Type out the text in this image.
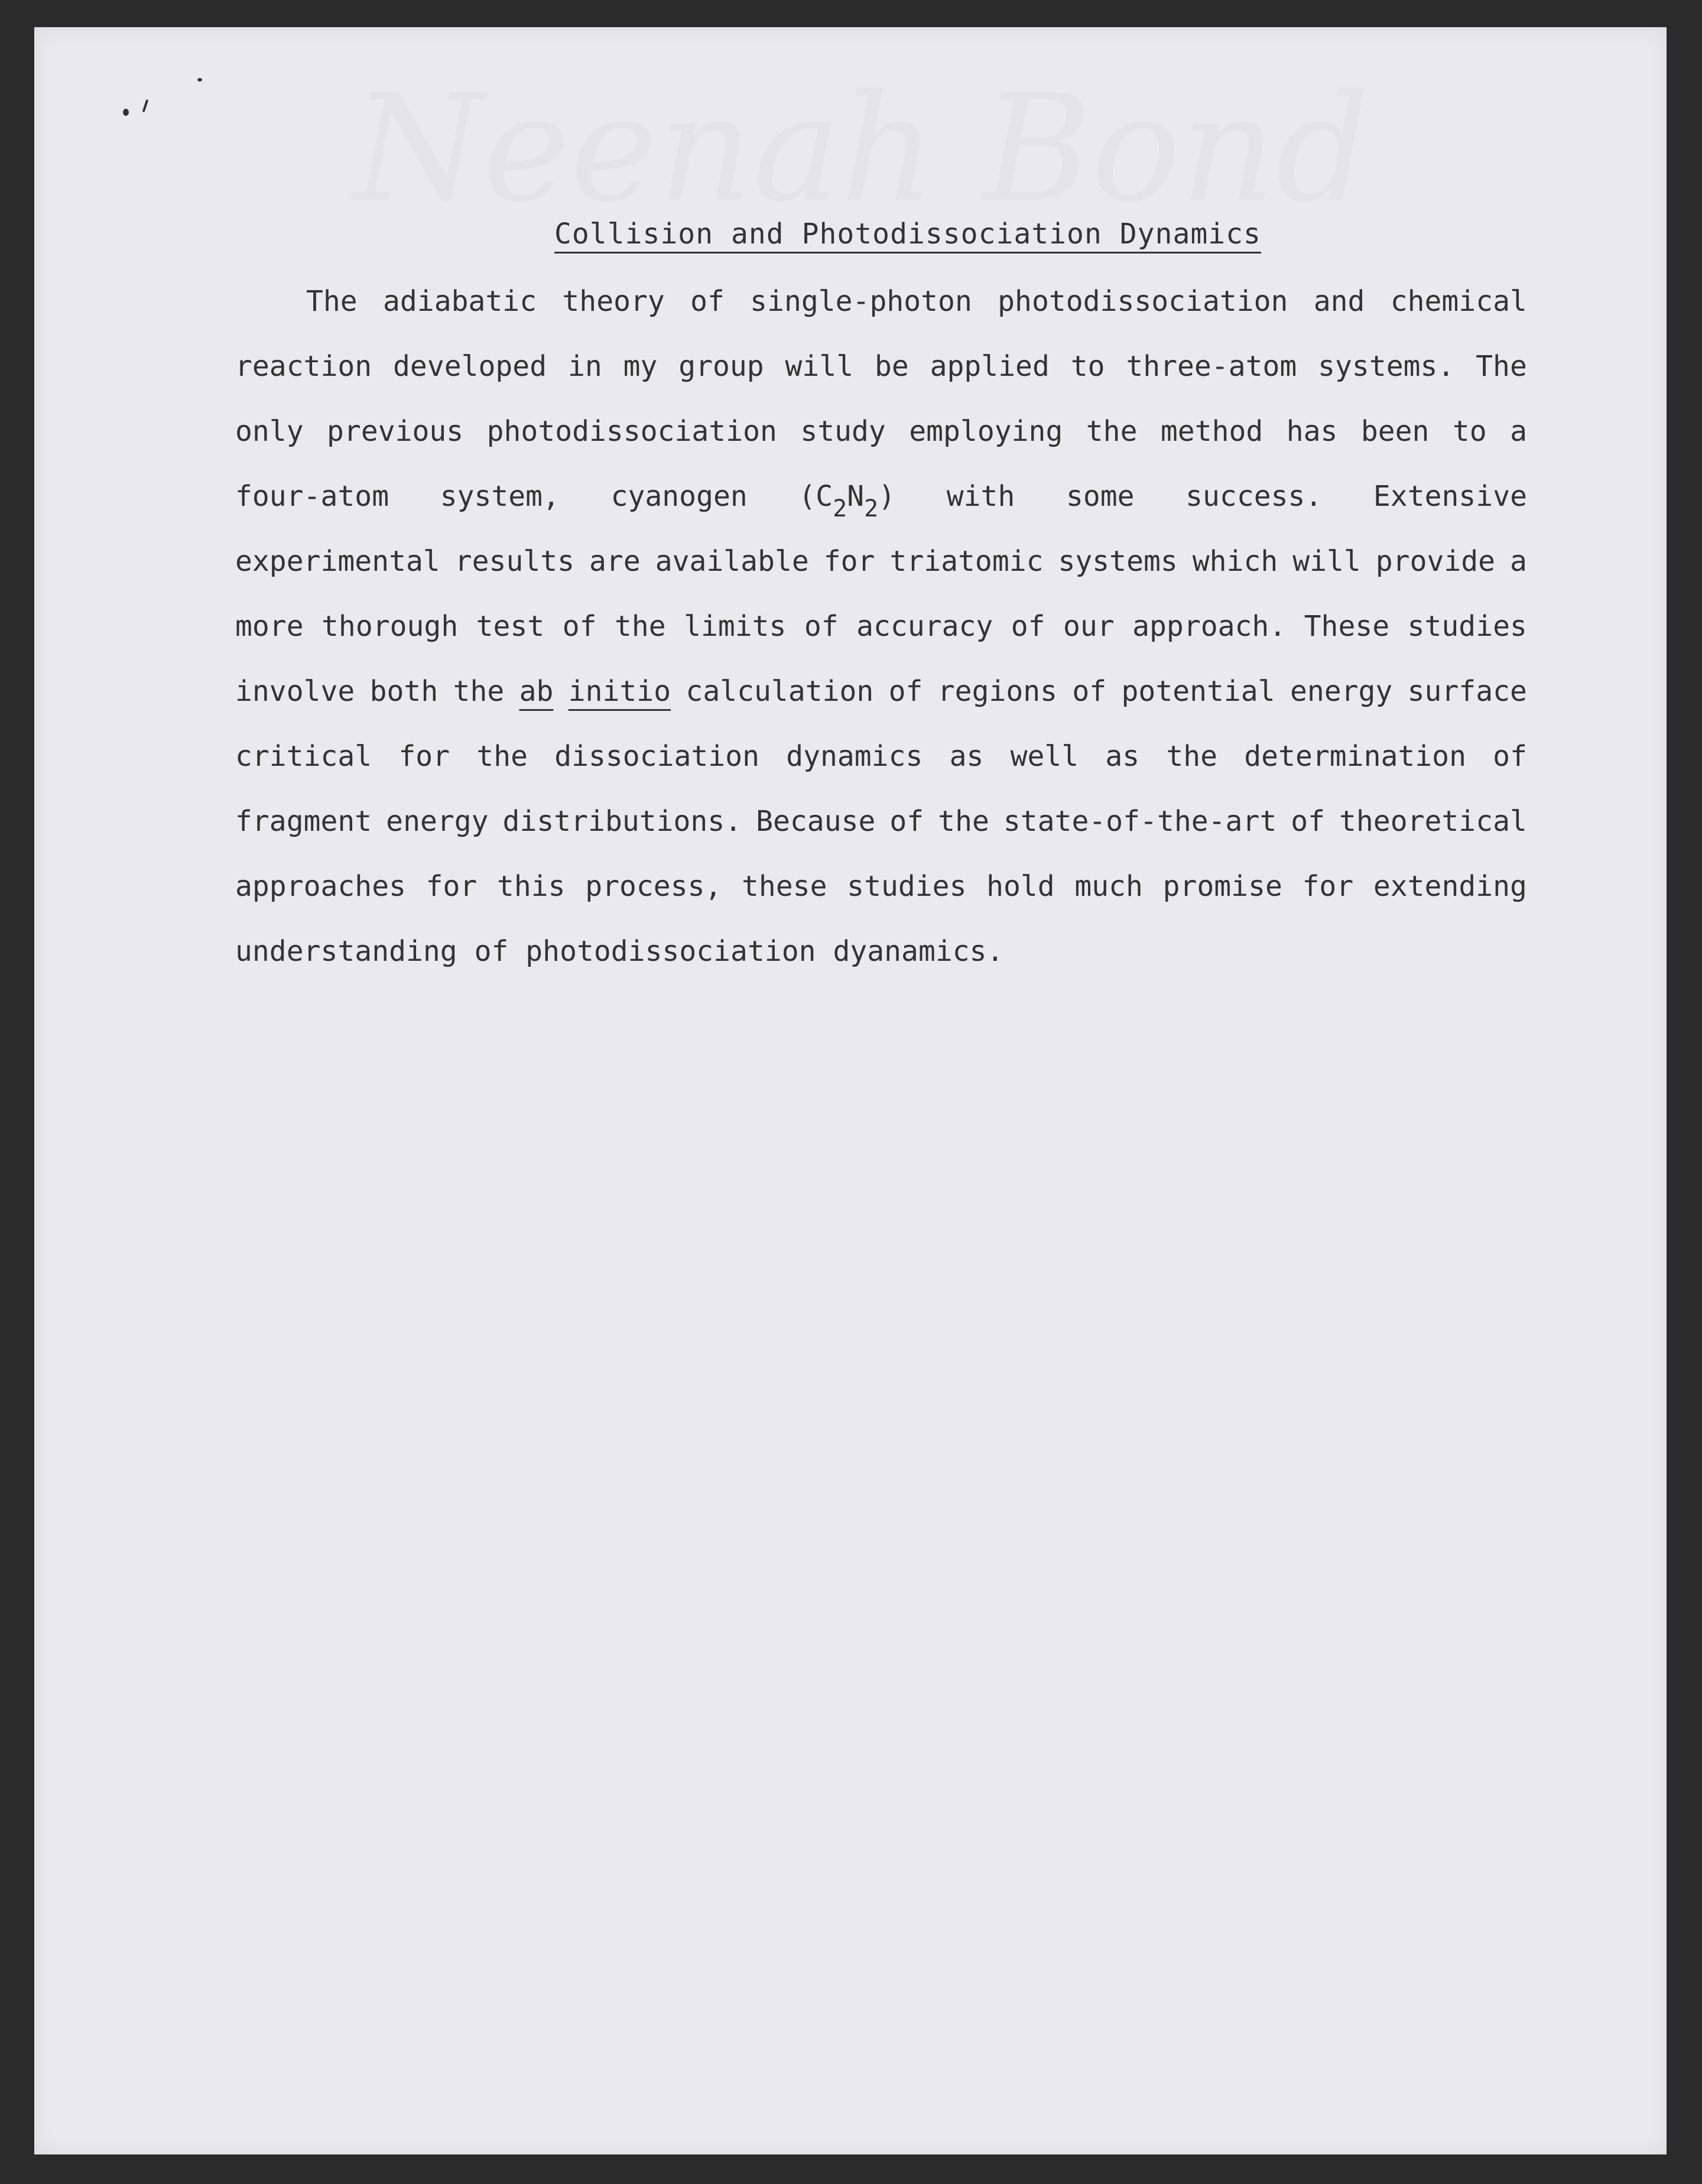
Collision and Photodissociation Dynamics
The adiabatic theory of single-photon photodissociation and chemical
reaction developed in my group will be applied to three-atom systems. The
only previous photodissociation study employing the method has been to a
four-atom system, cyanogen $(C_2N_2)$ with some success. Extensive
experimental results are available for triatomic systems which will provide a
more thorough test of the limits of accuracy of our approach. These studies
involve both the ab initio calculation of regions of potential energy surface
critical for the dissociation dynamics as well as the determination of
fragment energy distributions. Because of the state-of-the-art of theoretical
approaches for this process, these studies hold much promise for extending
understanding of photodissociation dyanamics.
